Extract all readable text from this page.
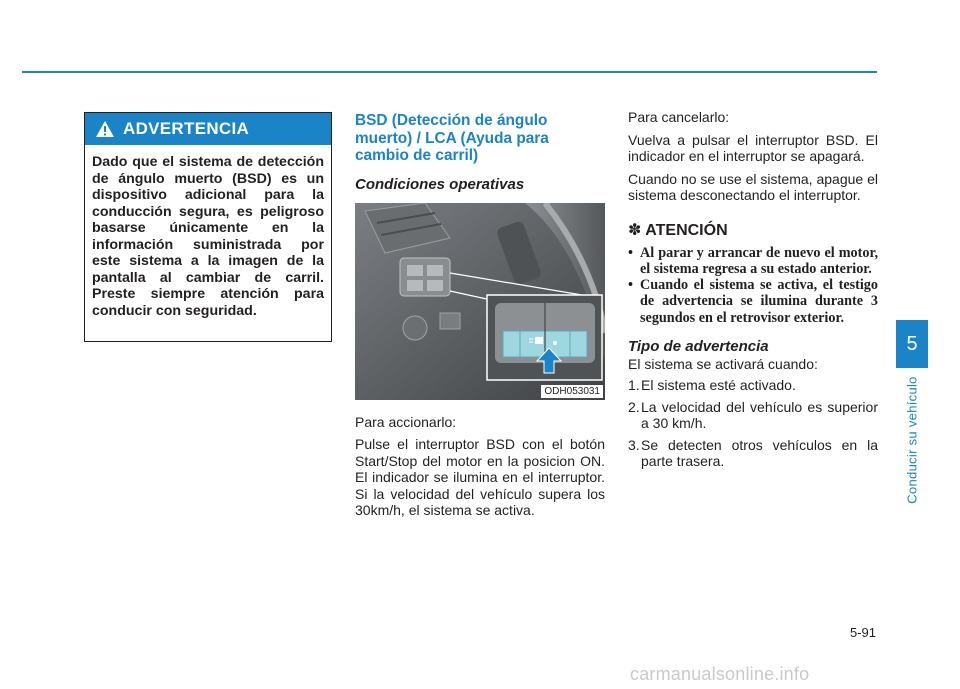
ADVERTENCIA

Dado que el sistema de detección de ángulo muerto (BSD) es un dispositivo adicional para la conducción segura, es peligroso basarse únicamente en la información suministrada por este sistema a la imagen de la pantalla al cambiar de carril. Preste siempre atención para conducir con seguridad.

BSD (Detección de ángulo muerto) / LCA (Ayuda para cambio de carril)
Condiciones operativas
ODH053031

Para accionarlo:

Pulse el interruptor BSD con el botón Start/Stop del motor en la posicion ON. El indicador se ilumina en el interruptor. Si la velocidad del vehículo supera los 30km/h, el sistema se activa.

Para cancelarlo:

Vuelva a pulsar el interruptor BSD. El indicador en el interruptor se apagará.

Cuando no se use el sistema, apague el sistema desconectando el interruptor.

✽ ATENCIÓN
• Al parar y arrancar de nuevo el motor, el sistema regresa a su estado anterior.
• Cuando el sistema se activa, el testigo de advertencia se ilumina durante 3 segundos en el retrovisor exterior.
Tipo de advertencia

El sistema se activará cuando:

1.El sistema esté activado.
2.La velocidad del vehículo es superior a 30 km/h.
3.Se detecten otros vehículos en la parte trasera.
5
Conducir su vehículo
5-91
carmanualsonline.info
